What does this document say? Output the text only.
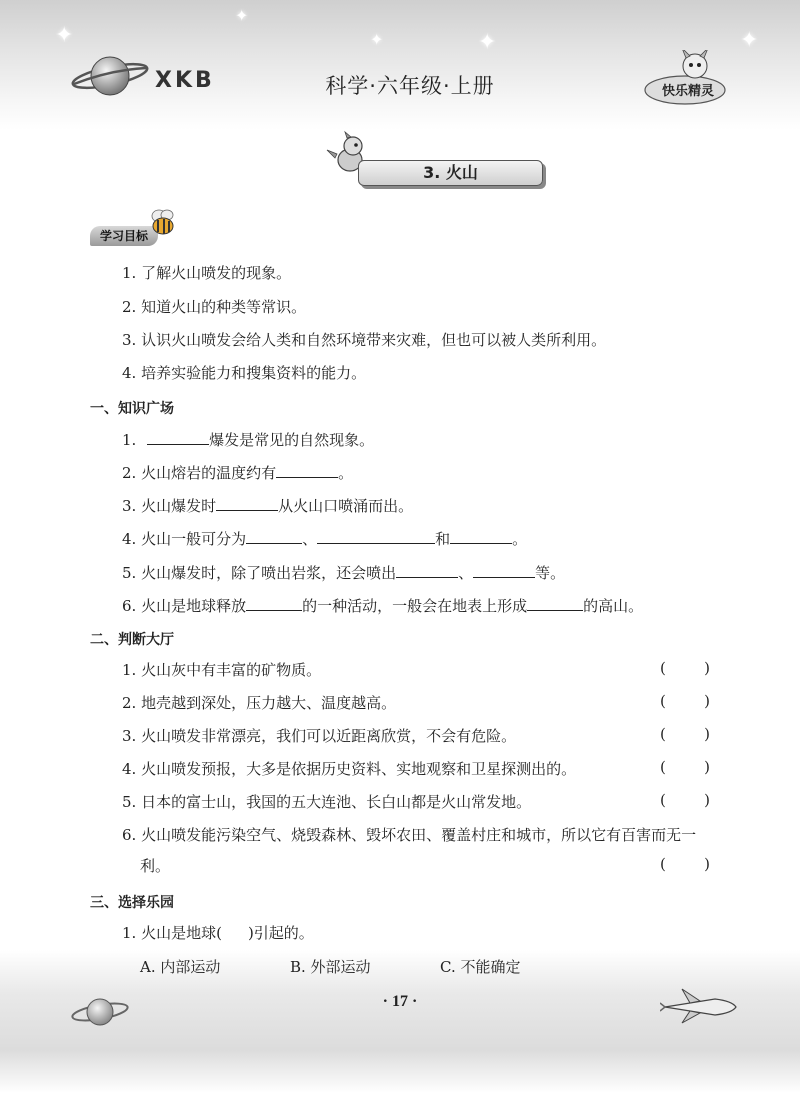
✦
✦
✦	✦	✦
XKB	科学·六年级·上册	快乐精灵
3. 火山
学习目标
1. 了解火山喷发的现象。
2. 知道火山的种类等常识。
3. 认识火山喷发会给人类和自然环境带来灾难，但也可以被人类所利用。
4. 培养实验能力和搜集资料的能力。
一、知识广场
1.	爆发是常见的自然现象。
2. 火山熔岩的温度约有	。
3. 火山爆发时	从火山口喷涌而出。
4. 火山一般可分为	、	和	。
5. 火山爆发时，除了喷出岩浆，还会喷出	、	等。
6. 火山是地球释放	的一种活动，一般会在地表上形成	的高山。
二、判断大厅
1. 火山灰中有丰富的矿物质。	(	)
2. 地壳越到深处，压力越大、温度越高。	(	)
3. 火山喷发非常漂亮，我们可以近距离欣赏，不会有危险。	(	)
4. 火山喷发预报，大多是依据历史资料、实地观察和卫星探测出的。	(	)
5. 日本的富士山，我国的五大连池、长白山都是火山常发地。	(	)
6. 火山喷发能污染空气、烧毁森林、毁坏农田、覆盖村庄和城市，所以它有百害而无一
利。	(	)
三、选择乐园
1. 火山是地球( )引起的。
A. 内部运动	B. 外部运动	C. 不能确定
· 17 ·
